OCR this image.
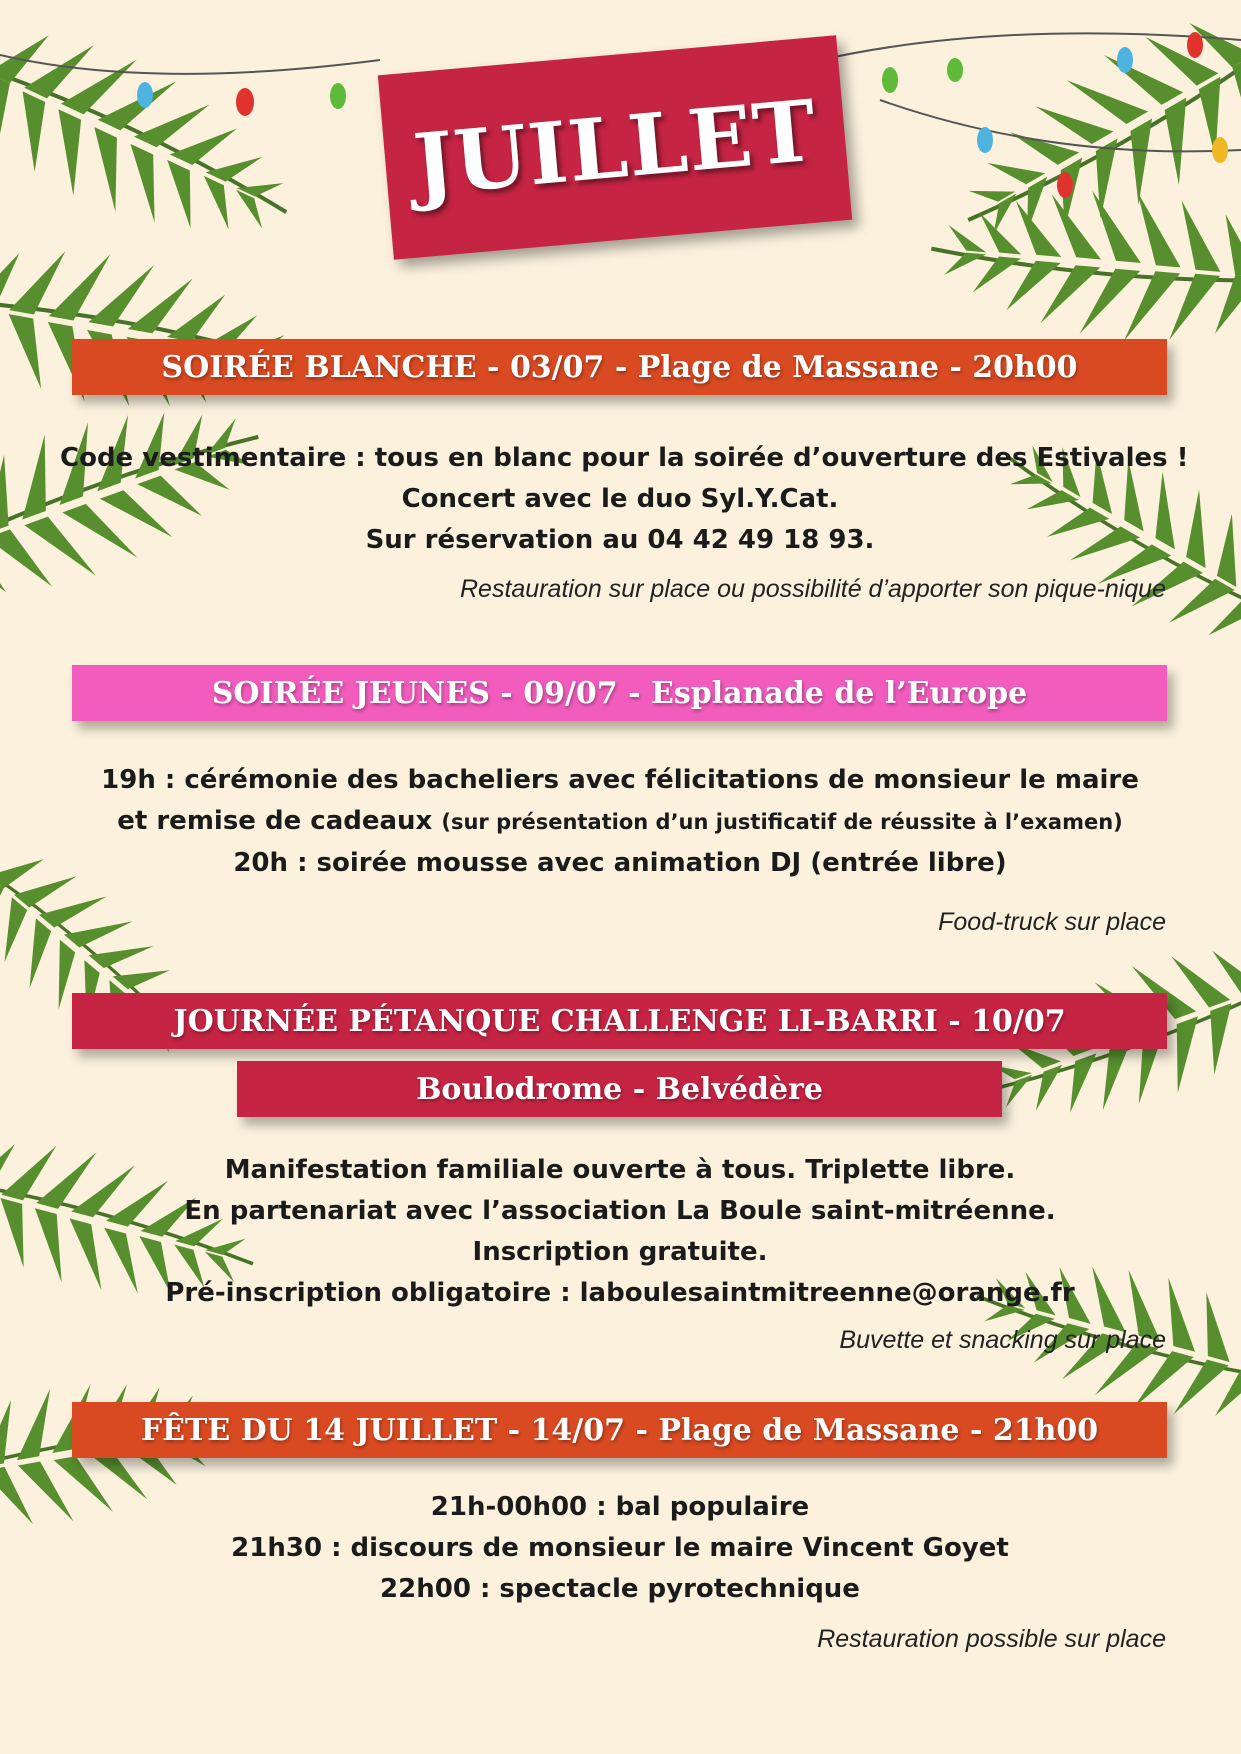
JUILLET
SOIRÉE BLANCHE - 03/07 - Plage de Massane - 20h00
Code vestimentaire : tous en blanc pour la soirée d’ouverture des Estivales !
Concert avec le duo Syl.Y.Cat.
Sur réservation au 04 42 49 18 93.
Restauration sur place ou possibilité d’apporter son pique-nique
SOIRÉE JEUNES - 09/07 - Esplanade de l’Europe
19h : cérémonie des bacheliers avec félicitations de monsieur le maire
et remise de cadeaux (sur présentation d’un justificatif de réussite à l’examen)
20h : soirée mousse avec animation DJ (entrée libre)
Food-truck sur place
JOURNÉE PÉTANQUE CHALLENGE LI-BARRI - 10/07
Boulodrome - Belvédère
Manifestation familiale ouverte à tous. Triplette libre.
En partenariat avec l’association La Boule saint-mitréenne.
Inscription gratuite.
Pré-inscription obligatoire : laboulesaintmitreenne@orange.fr
Buvette et snacking sur place
FÊTE DU 14 JUILLET - 14/07 - Plage de Massane - 21h00
21h-00h00 : bal populaire
21h30 : discours de monsieur le maire Vincent Goyet
22h00 : spectacle pyrotechnique
Restauration possible sur place
